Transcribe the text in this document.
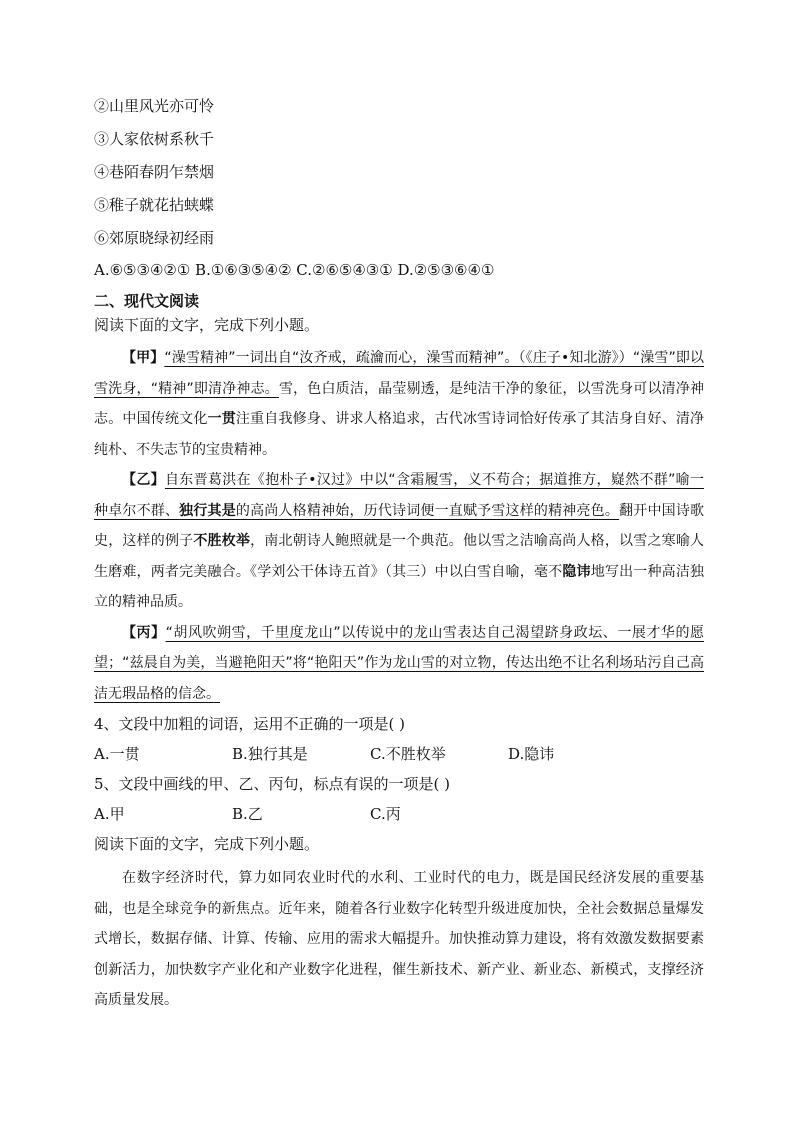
②山里风光亦可怜
③人家依树系秋千
④巷陌春阴乍禁烟
⑤稚子就花拈蛱蝶
⑥郊原晓绿初经雨
A.⑥⑤③④②① B.①⑥③⑤④② C.②⑥⑤④③① D.②⑤③⑥④①
二、现代文阅读
阅读下面的文字，完成下列小题。
【甲】“澡雪精神”一词出自“汝齐戒，疏瀹而心，澡雪而精神”。（《庄子•知北游》）“澡雪”即以雪洗身，“精神”即清净神志。雪，色白质洁，晶莹剔透，是纯洁干净的象征，以雪洗身可以清净神志。中国传统文化一贯注重自我修身、讲求人格追求，古代冰雪诗词恰好传承了其洁身自好、清净纯朴、不失志节的宝贵精神。
【乙】自东晋葛洪在《抱朴子•汉过》中以“含霜履雪，义不苟合；据道推方，嶷然不群”喻一种卓尔不群、独行其是的高尚人格精神始，历代诗词便一直赋予雪这样的精神亮色。翻开中国诗歌史，这样的例子不胜枚举，南北朝诗人鲍照就是一个典范。他以雪之洁喻高尚人格，以雪之寒喻人生磨难，两者完美融合。《学刘公干体诗五首》（其三）中以白雪自喻，毫不隐讳地写出一种高洁独立的精神品质。
【丙】“胡风吹朔雪，千里度龙山”以传说中的龙山雪表达自己渴望跻身政坛、一展才华的愿望；“兹晨自为美，当避艳阳天”将“艳阳天”作为龙山雪的对立物，传达出绝不让名利场玷污自己高洁无瑕品格的信念。
4、文段中加粗的词语，运用不正确的一项是( )
A.一贯	B.独行其是	C.不胜枚举	D.隐讳
5、文段中画线的甲、乙、丙句，标点有误的一项是( )
A.甲	B.乙	C.丙
阅读下面的文字，完成下列小题。
在数字经济时代，算力如同农业时代的水利、工业时代的电力，既是国民经济发展的重要基础，也是全球竞争的新焦点。近年来，随着各行业数字化转型升级进度加快，全社会数据总量爆发式增长，数据存储、计算、传输、应用的需求大幅提升。加快推动算力建设，将有效激发数据要素创新活力，加快数字产业化和产业数字化进程，催生新技术、新产业、新业态、新模式，支撑经济高质量发展。
